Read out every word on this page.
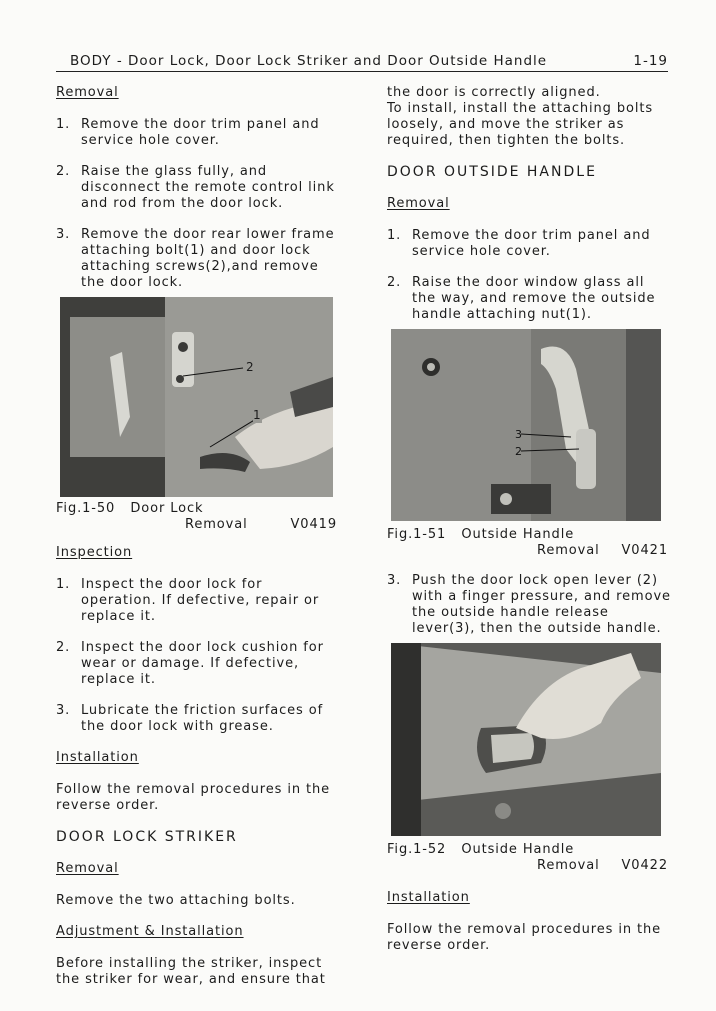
BODY - Door Lock, Door Lock Striker and Door Outside Handle	1-19

Removal

1. Remove the door trim panel and service hole cover.
2. Raise the glass fully, and disconnect the remote control link and rod from the door lock.
3. Remove the door rear lower frame attaching bolt(1) and door lock attaching screws(2),and remove the door lock.
2
1
Fig.1-50   Door Lock
Removal	V0419

Inspection

1. Inspect the door lock for operation. If defective, repair or replace it.
2. Inspect the door lock cushion for wear or damage. If defective, replace it.
3. Lubricate the friction surfaces of the door lock with grease.

Installation

Follow the removal procedures in the reverse order.

DOOR LOCK STRIKER

Removal

Remove the two attaching bolts.

Adjustment & Installation

Before installing the striker, inspect the striker for wear, and ensure that

the door is correctly aligned.

To install, install the attaching bolts loosely, and move the striker as required, then tighten the bolts.

DOOR OUTSIDE HANDLE

Removal

1. Remove the door trim panel and service hole cover.
2. Raise the door window glass all the way, and remove the outside handle attaching nut(1).
3
2
Fig.1-51   Outside Handle
Removal V0421
3. Push the door lock open lever (2) with a finger pressure, and remove the outside handle release lever(3), then the outside handle.
Fig.1-52   Outside Handle
Removal V0422

Installation

Follow the removal procedures in the reverse order.
